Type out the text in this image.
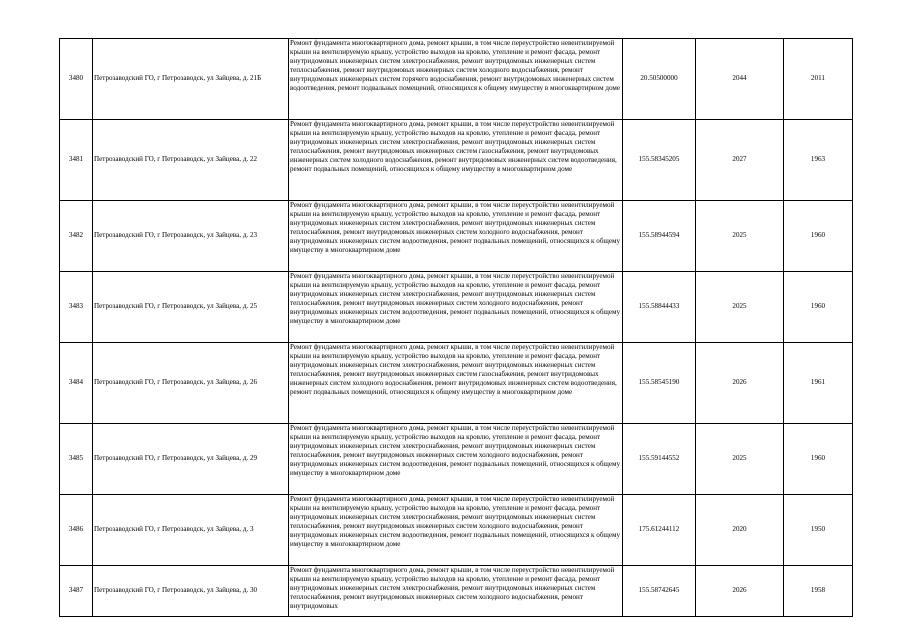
3480	Петрозаводский ГО, г Петрозаводск, ул Зайцева, д. 21Б	Ремонт фундамента многоквартирного дома, ремонт крыши, в том числе переустройство невентилируемой крыши на вентилируемую крышу, устройство выходов на кровлю, утепление и ремонт фасада, ремонт внутридомовых инженерных систем электроснабжения, ремонт внутридомовых инженерных систем теплоснабжения, ремонт внутридомовых инженерных систем холодного водоснабжения, ремонт внутридомовых инженерных систем горячего водоснабжения, ремонт внутридомовых инженерных систем водоотведения, ремонт подвальных помещений, относящихся к общему имуществу в многоквартирном доме	20.50500000	2044	2011
3481	Петрозаводский ГО, г Петрозаводск, ул Зайцева, д. 22	Ремонт фундамента многоквартирного дома, ремонт крыши, в том числе переустройство невентилируемой крыши на вентилируемую крышу, устройство выходов на кровлю, утепление и ремонт фасада, ремонт внутридомовых инженерных систем электроснабжения, ремонт внутридомовых инженерных систем теплоснабжения, ремонт внутридомовых инженерных систем газоснабжения, ремонт внутридомовых инженерных систем холодного водоснабжения, ремонт внутридомовых инженерных систем водоотведения, ремонт подвальных помещений, относящихся к общему имуществу в многоквартирном доме	155.58345205	2027	1963
3482	Петрозаводский ГО, г Петрозаводск, ул Зайцева, д. 23	Ремонт фундамента многоквартирного дома, ремонт крыши, в том числе переустройство невентилируемой крыши на вентилируемую крышу, устройство выходов на кровлю, утепление и ремонт фасада, ремонт внутридомовых инженерных систем электроснабжения, ремонт внутридомовых инженерных систем теплоснабжения, ремонт внутридомовых инженерных систем холодного водоснабжения, ремонт внутридомовых инженерных систем водоотведения, ремонт подвальных помещений, относящихся к общему имуществу в многоквартирном доме	155.58944594	2025	1960
3483	Петрозаводский ГО, г Петрозаводск, ул Зайцева, д. 25	Ремонт фундамента многоквартирного дома, ремонт крыши, в том числе переустройство невентилируемой крыши на вентилируемую крышу, устройство выходов на кровлю, утепление и ремонт фасада, ремонт внутридомовых инженерных систем электроснабжения, ремонт внутридомовых инженерных систем теплоснабжения, ремонт внутридомовых инженерных систем холодного водоснабжения, ремонт внутридомовых инженерных систем водоотведения, ремонт подвальных помещений, относящихся к общему имуществу в многоквартирном доме	155.58844433	2025	1960
3484	Петрозаводский ГО, г Петрозаводск, ул Зайцева, д. 26	Ремонт фундамента многоквартирного дома, ремонт крыши, в том числе переустройство невентилируемой крыши на вентилируемую крышу, устройство выходов на кровлю, утепление и ремонт фасада, ремонт внутридомовых инженерных систем электроснабжения, ремонт внутридомовых инженерных систем теплоснабжения, ремонт внутридомовых инженерных систем газоснабжения, ремонт внутридомовых инженерных систем холодного водоснабжения, ремонт внутридомовых инженерных систем водоотведения, ремонт подвальных помещений, относящихся к общему имуществу в многоквартирном доме	155.58545190	2026	1961
3485	Петрозаводский ГО, г Петрозаводск, ул Зайцева, д. 29	Ремонт фундамента многоквартирного дома, ремонт крыши, в том числе переустройство невентилируемой крыши на вентилируемую крышу, устройство выходов на кровлю, утепление и ремонт фасада, ремонт внутридомовых инженерных систем электроснабжения, ремонт внутридомовых инженерных систем теплоснабжения, ремонт внутридомовых инженерных систем холодного водоснабжения, ремонт внутридомовых инженерных систем водоотведения, ремонт подвальных помещений, относящихся к общему имуществу в многоквартирном доме	155.59144552	2025	1960
3486	Петрозаводский ГО, г Петрозаводск, ул Зайцева, д. 3	Ремонт фундамента многоквартирного дома, ремонт крыши, в том числе переустройство невентилируемой крыши на вентилируемую крышу, устройство выходов на кровлю, утепление и ремонт фасада, ремонт внутридомовых инженерных систем электроснабжения, ремонт внутридомовых инженерных систем теплоснабжения, ремонт внутридомовых инженерных систем холодного водоснабжения, ремонт внутридомовых инженерных систем водоотведения, ремонт подвальных помещений, относящихся к общему имуществу в многоквартирном доме	175.61244112	2020	1950
3487	Петрозаводский ГО, г Петрозаводск, ул Зайцева, д. 30	Ремонт фундамента многоквартирного дома, ремонт крыши, в том числе переустройство невентилируемой крыши на вентилируемую крышу, устройство выходов на кровлю, утепление и ремонт фасада, ремонт внутридомовых инженерных систем электроснабжения, ремонт внутридомовых инженерных систем теплоснабжения, ремонт внутридомовых инженерных систем холодного водоснабжения, ремонт внутридомовых	155.58742645	2026	1958
